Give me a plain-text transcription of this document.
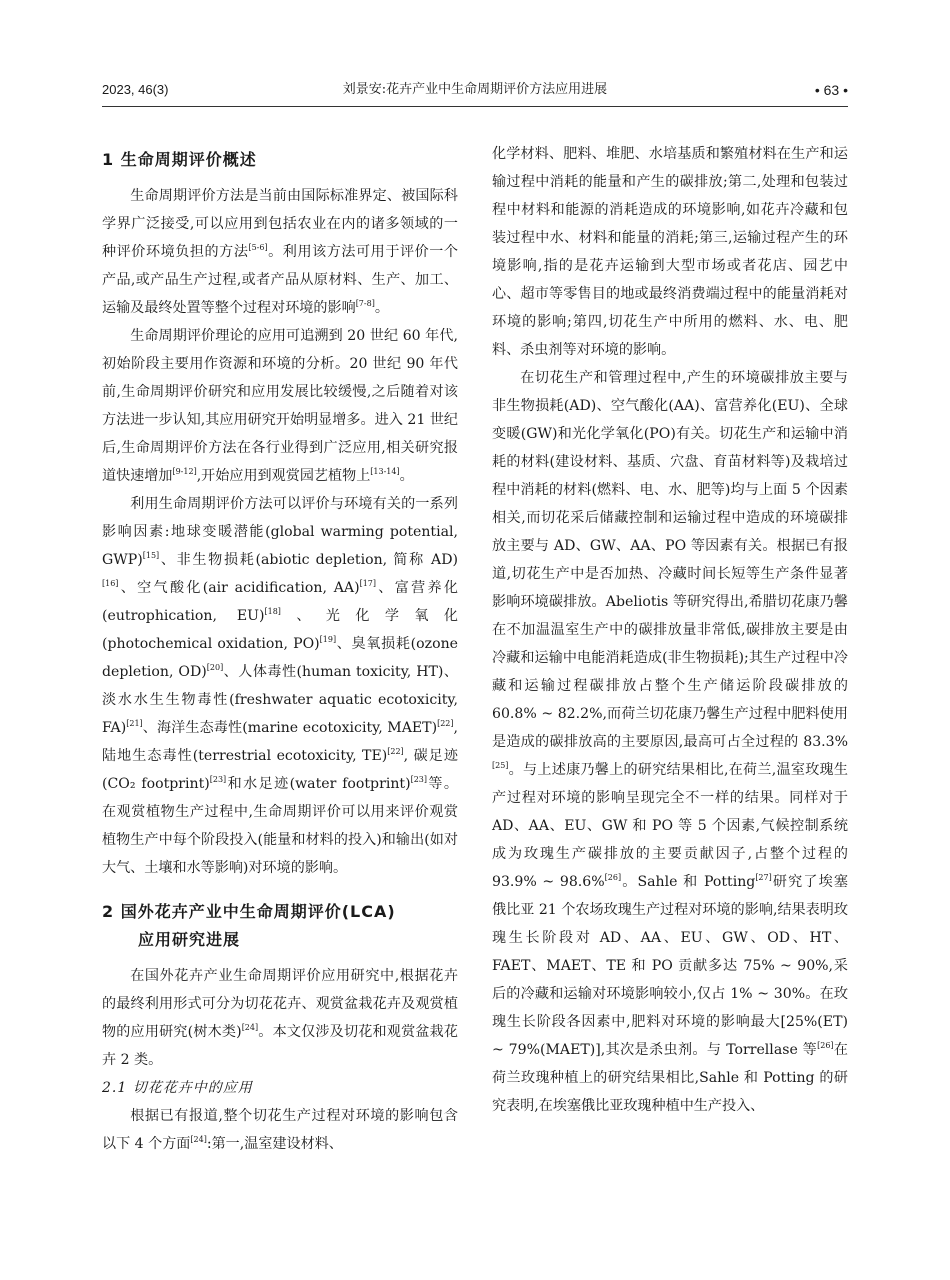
2023, 46(3)	刘景安:花卉产业中生命周期评价方法应用进展	• 63 •
1 生命周期评价概述

生命周期评价方法是当前由国际标准界定、被国际科学界广泛接受,可以应用到包括农业在内的诸多领域的一种评价环境负担的方法[5-6]。利用该方法可用于评价一个产品,或产品生产过程,或者产品从原材料、生产、加工、运输及最终处置等整个过程对环境的影响[7-8]。

生命周期评价理论的应用可追溯到 20 世纪 60 年代,初始阶段主要用作资源和环境的分析。20 世纪 90 年代前,生命周期评价研究和应用发展比较缓慢,之后随着对该方法进一步认知,其应用研究开始明显增多。进入 21 世纪后,生命周期评价方法在各行业得到广泛应用,相关研究报道快速增加[9-12],开始应用到观赏园艺植物上[13-14]。

利用生命周期评价方法可以评价与环境有关的一系列影响因素:地球变暖潜能(global warming potential, GWP)[15]、非生物损耗(abiotic depletion, 简称 AD)[16]、空气酸化(air acidification, AA)[17]、富营养化(eutrophication, EU)[18]、光化学氧化(photochemical oxidation, PO)[19]、臭氧损耗(ozone depletion, OD)[20]、人体毒性(human toxicity, HT)、淡水水生生物毒性(freshwater aquatic ecotoxicity, FA)[21]、海洋生态毒性(marine ecotoxicity, MAET)[22], 陆地生态毒性(terrestrial ecotoxicity, TE)[22], 碳足迹(CO₂ footprint)[23]和水足迹(water footprint)[23]等。在观赏植物生产过程中,生命周期评价可以用来评价观赏植物生产中每个阶段投入(能量和材料的投入)和输出(如对大气、土壤和水等影响)对环境的影响。

2 国外花卉产业中生命周期评价(LCA)
应用研究进展

在国外花卉产业生命周期评价应用研究中,根据花卉的最终利用形式可分为切花花卉、观赏盆栽花卉及观赏植物的应用研究(树木类)[24]。本文仅涉及切花和观赏盆栽花卉 2 类。

2.1 切花花卉中的应用

根据已有报道,整个切花生产过程对环境的影响包含以下 4 个方面[24]:第一,温室建设材料、

化学材料、肥料、堆肥、水培基质和繁殖材料在生产和运输过程中消耗的能量和产生的碳排放;第二,处理和包装过程中材料和能源的消耗造成的环境影响,如花卉冷藏和包装过程中水、材料和能量的消耗;第三,运输过程产生的环境影响,指的是花卉运输到大型市场或者花店、园艺中心、超市等零售目的地或最终消费端过程中的能量消耗对环境的影响;第四,切花生产中所用的燃料、水、电、肥料、杀虫剂等对环境的影响。

在切花生产和管理过程中,产生的环境碳排放主要与非生物损耗(AD)、空气酸化(AA)、富营养化(EU)、全球变暖(GW)和光化学氧化(PO)有关。切花生产和运输中消耗的材料(建设材料、基质、穴盘、育苗材料等)及栽培过程中消耗的材料(燃料、电、水、肥等)均与上面 5 个因素相关,而切花采后储藏控制和运输过程中造成的环境碳排放主要与 AD、GW、AA、PO 等因素有关。根据已有报道,切花生产中是否加热、冷藏时间长短等生产条件显著影响环境碳排放。Abeliotis 等研究得出,希腊切花康乃馨在不加温温室生产中的碳排放量非常低,碳排放主要是由冷藏和运输中电能消耗造成(非生物损耗);其生产过程中冷藏和运输过程碳排放占整个生产储运阶段碳排放的 60.8% ~ 82.2%,而荷兰切花康乃馨生产过程中肥料使用是造成的碳排放高的主要原因,最高可占全过程的 83.3%[25]。与上述康乃馨上的研究结果相比,在荷兰,温室玫瑰生产过程对环境的影响呈现完全不一样的结果。同样对于 AD、AA、EU、GW 和 PO 等 5 个因素,气候控制系统成为玫瑰生产碳排放的主要贡献因子,占整个过程的 93.9% ~ 98.6%[26]。Sahle 和 Potting[27]研究了埃塞俄比亚 21 个农场玫瑰生产过程对环境的影响,结果表明玫瑰生长阶段对 AD、AA、EU、GW、OD、HT、FAET、MAET、TE 和 PO 贡献多达 75% ~ 90%,采后的冷藏和运输对环境影响较小,仅占 1% ~ 30%。在玫瑰生长阶段各因素中,肥料对环境的影响最大[25%(ET) ~ 79%(MAET)],其次是杀虫剂。与 Torrellase 等[26]在荷兰玫瑰种植上的研究结果相比,Sahle 和 Potting 的研究表明,在埃塞俄比亚玫瑰种植中生产投入、
